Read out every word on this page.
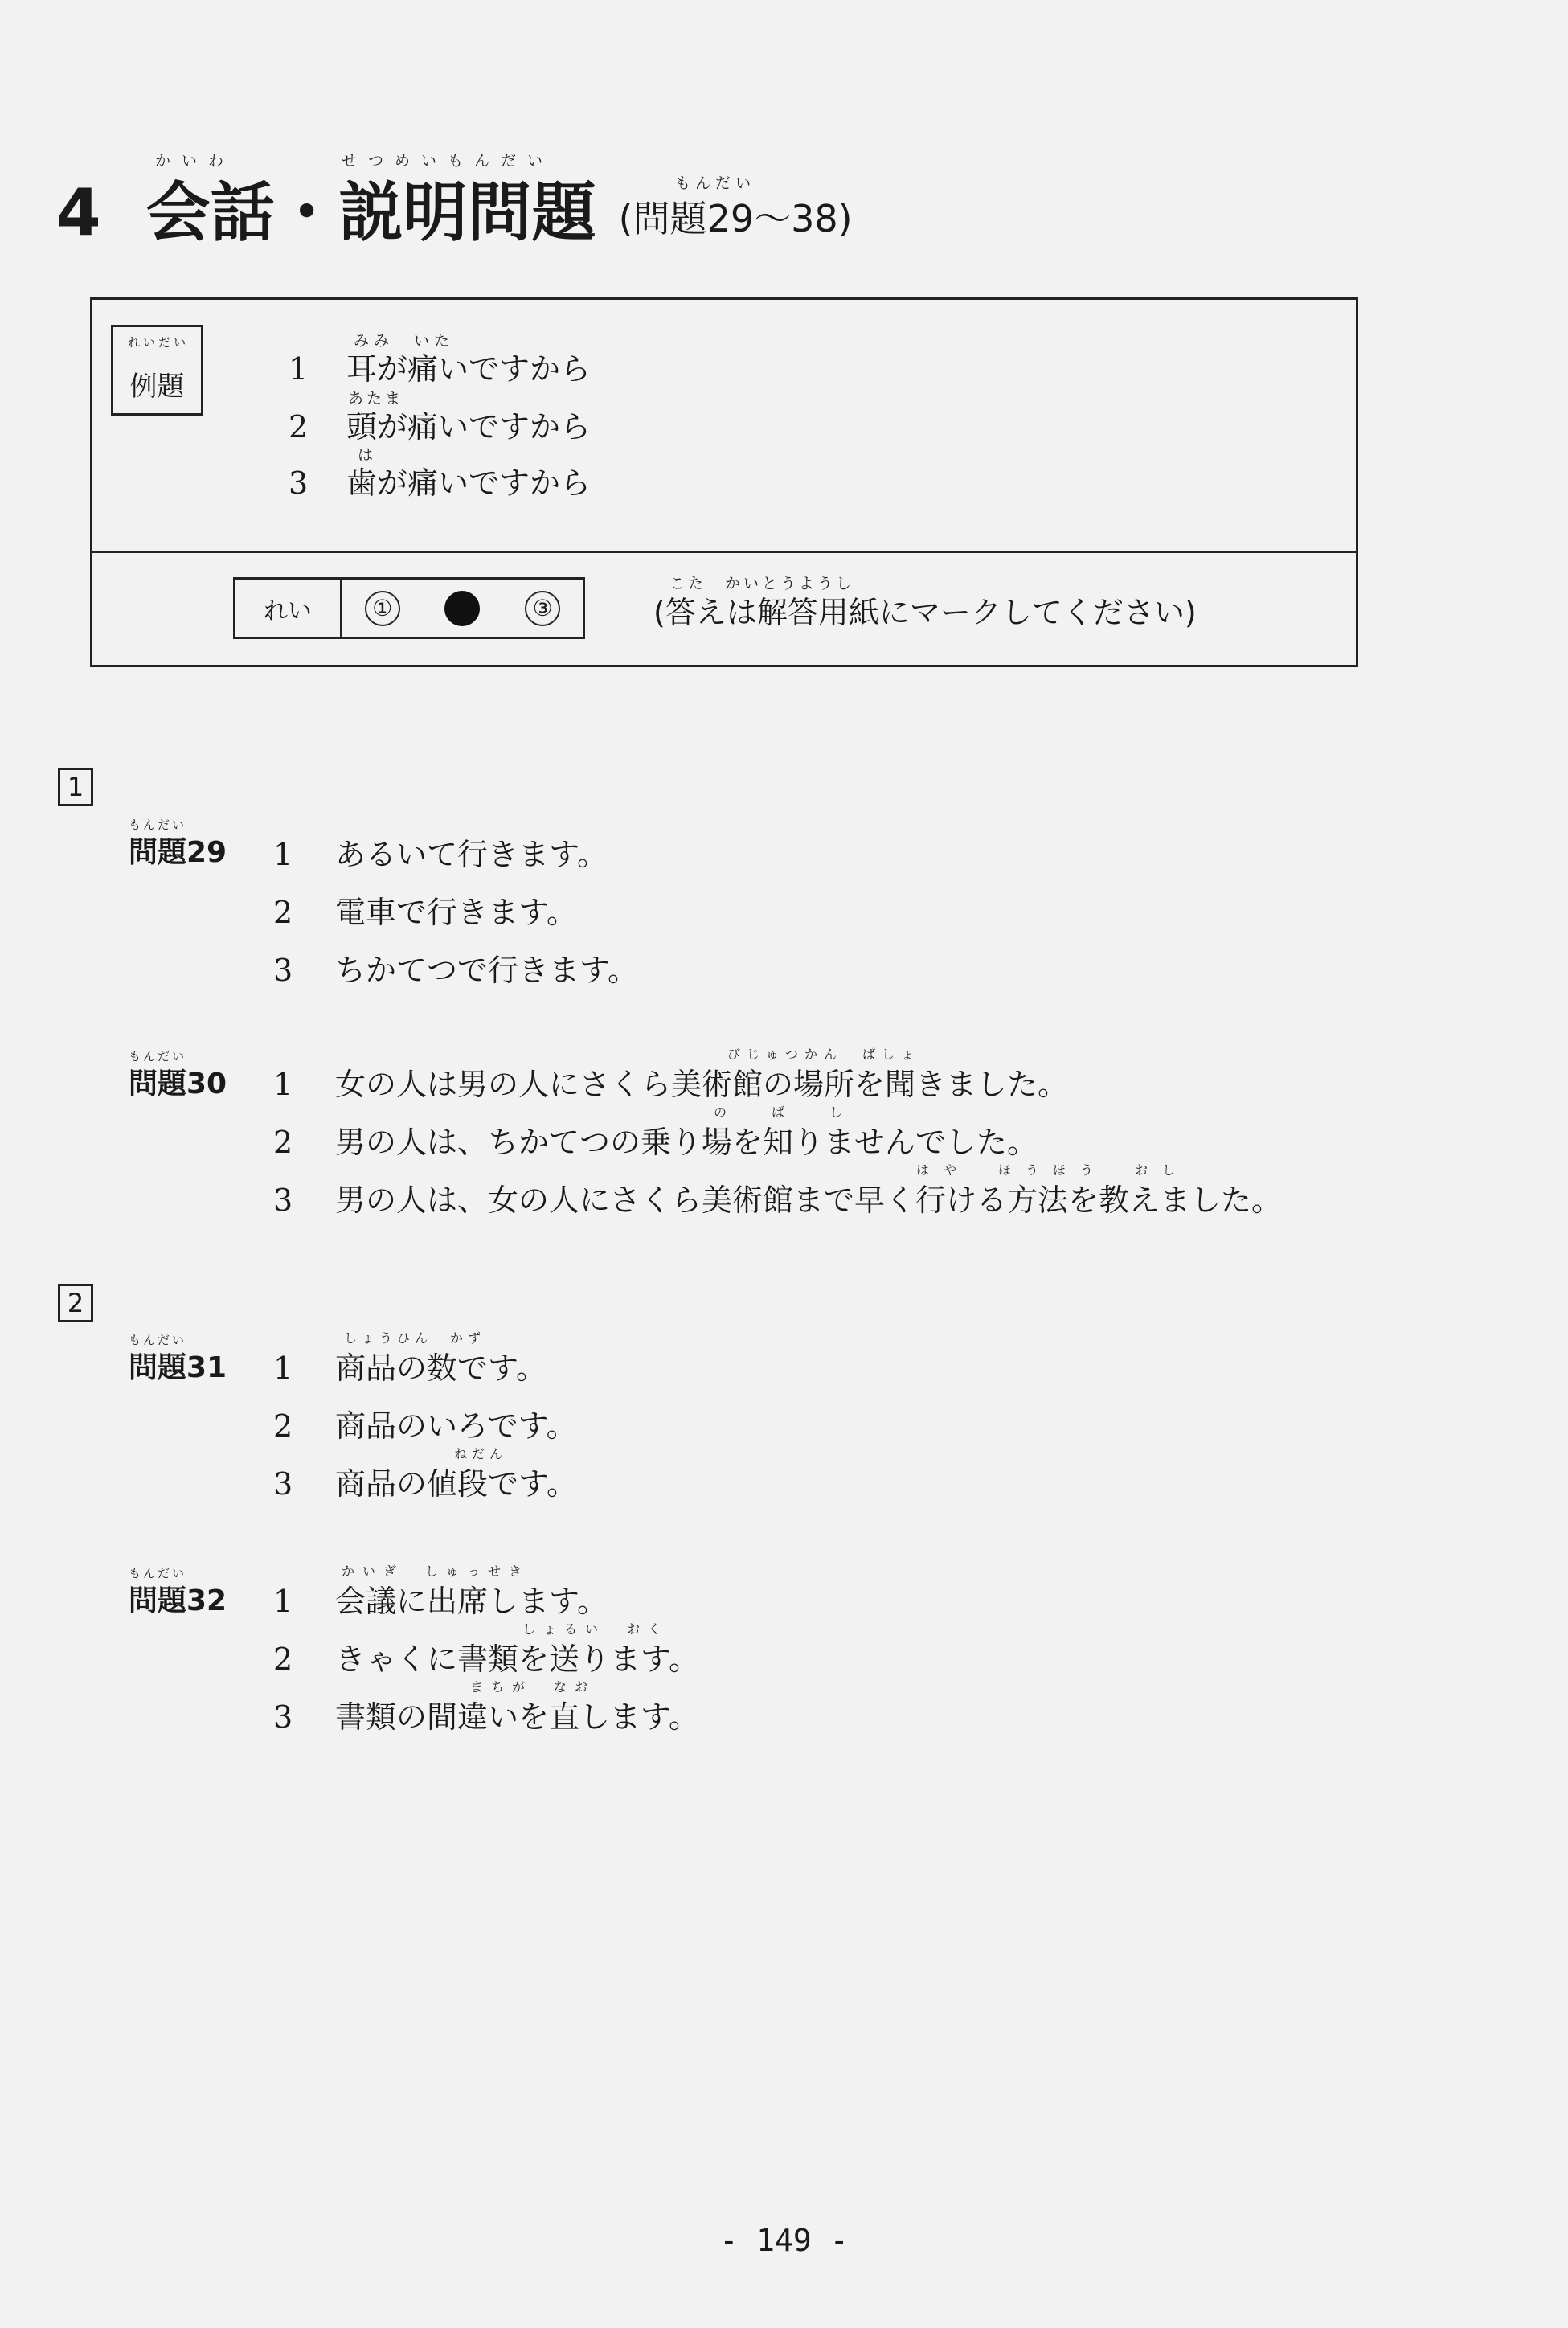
かいわ	せつめいもんだい
もんだい
4 会話・説明問題 (問題29～38)
れいだい
例題
みみ　いた
1 耳が痛いですから
あたま
2 頭が痛いですから
は
3 歯が痛いですから
れい	①	③
こた　かいとうようし
(答えは解答用紙にマークしてください)
1
もんだい
問題29 1 あるいて行きます。
2 電車で行きます。
3 ちかてつで行きます。
もんだい
問題30
びじゅつかん　ばしょ
1 女の人は男の人にさくら美術館の場所を聞きました。
の　ば　し
2 男の人は、ちかてつの乗り場を知りませんでした。
はや　ほうほう　おし
3 男の人は、女の人にさくら美術館まで早く行ける方法を教えました。
2
もんだい
問題31
しょうひん　かず
1 商品の数です。
2 商品のいろです。
ねだん
3 商品の値段です。
もんだい
問題32
かいぎ　しゅっせき
1 会議に出席します。
しょるい　おく
2 きゃくに書類を送ります。
まちが　なお
3 書類の間違いを直します。
- 149 -
